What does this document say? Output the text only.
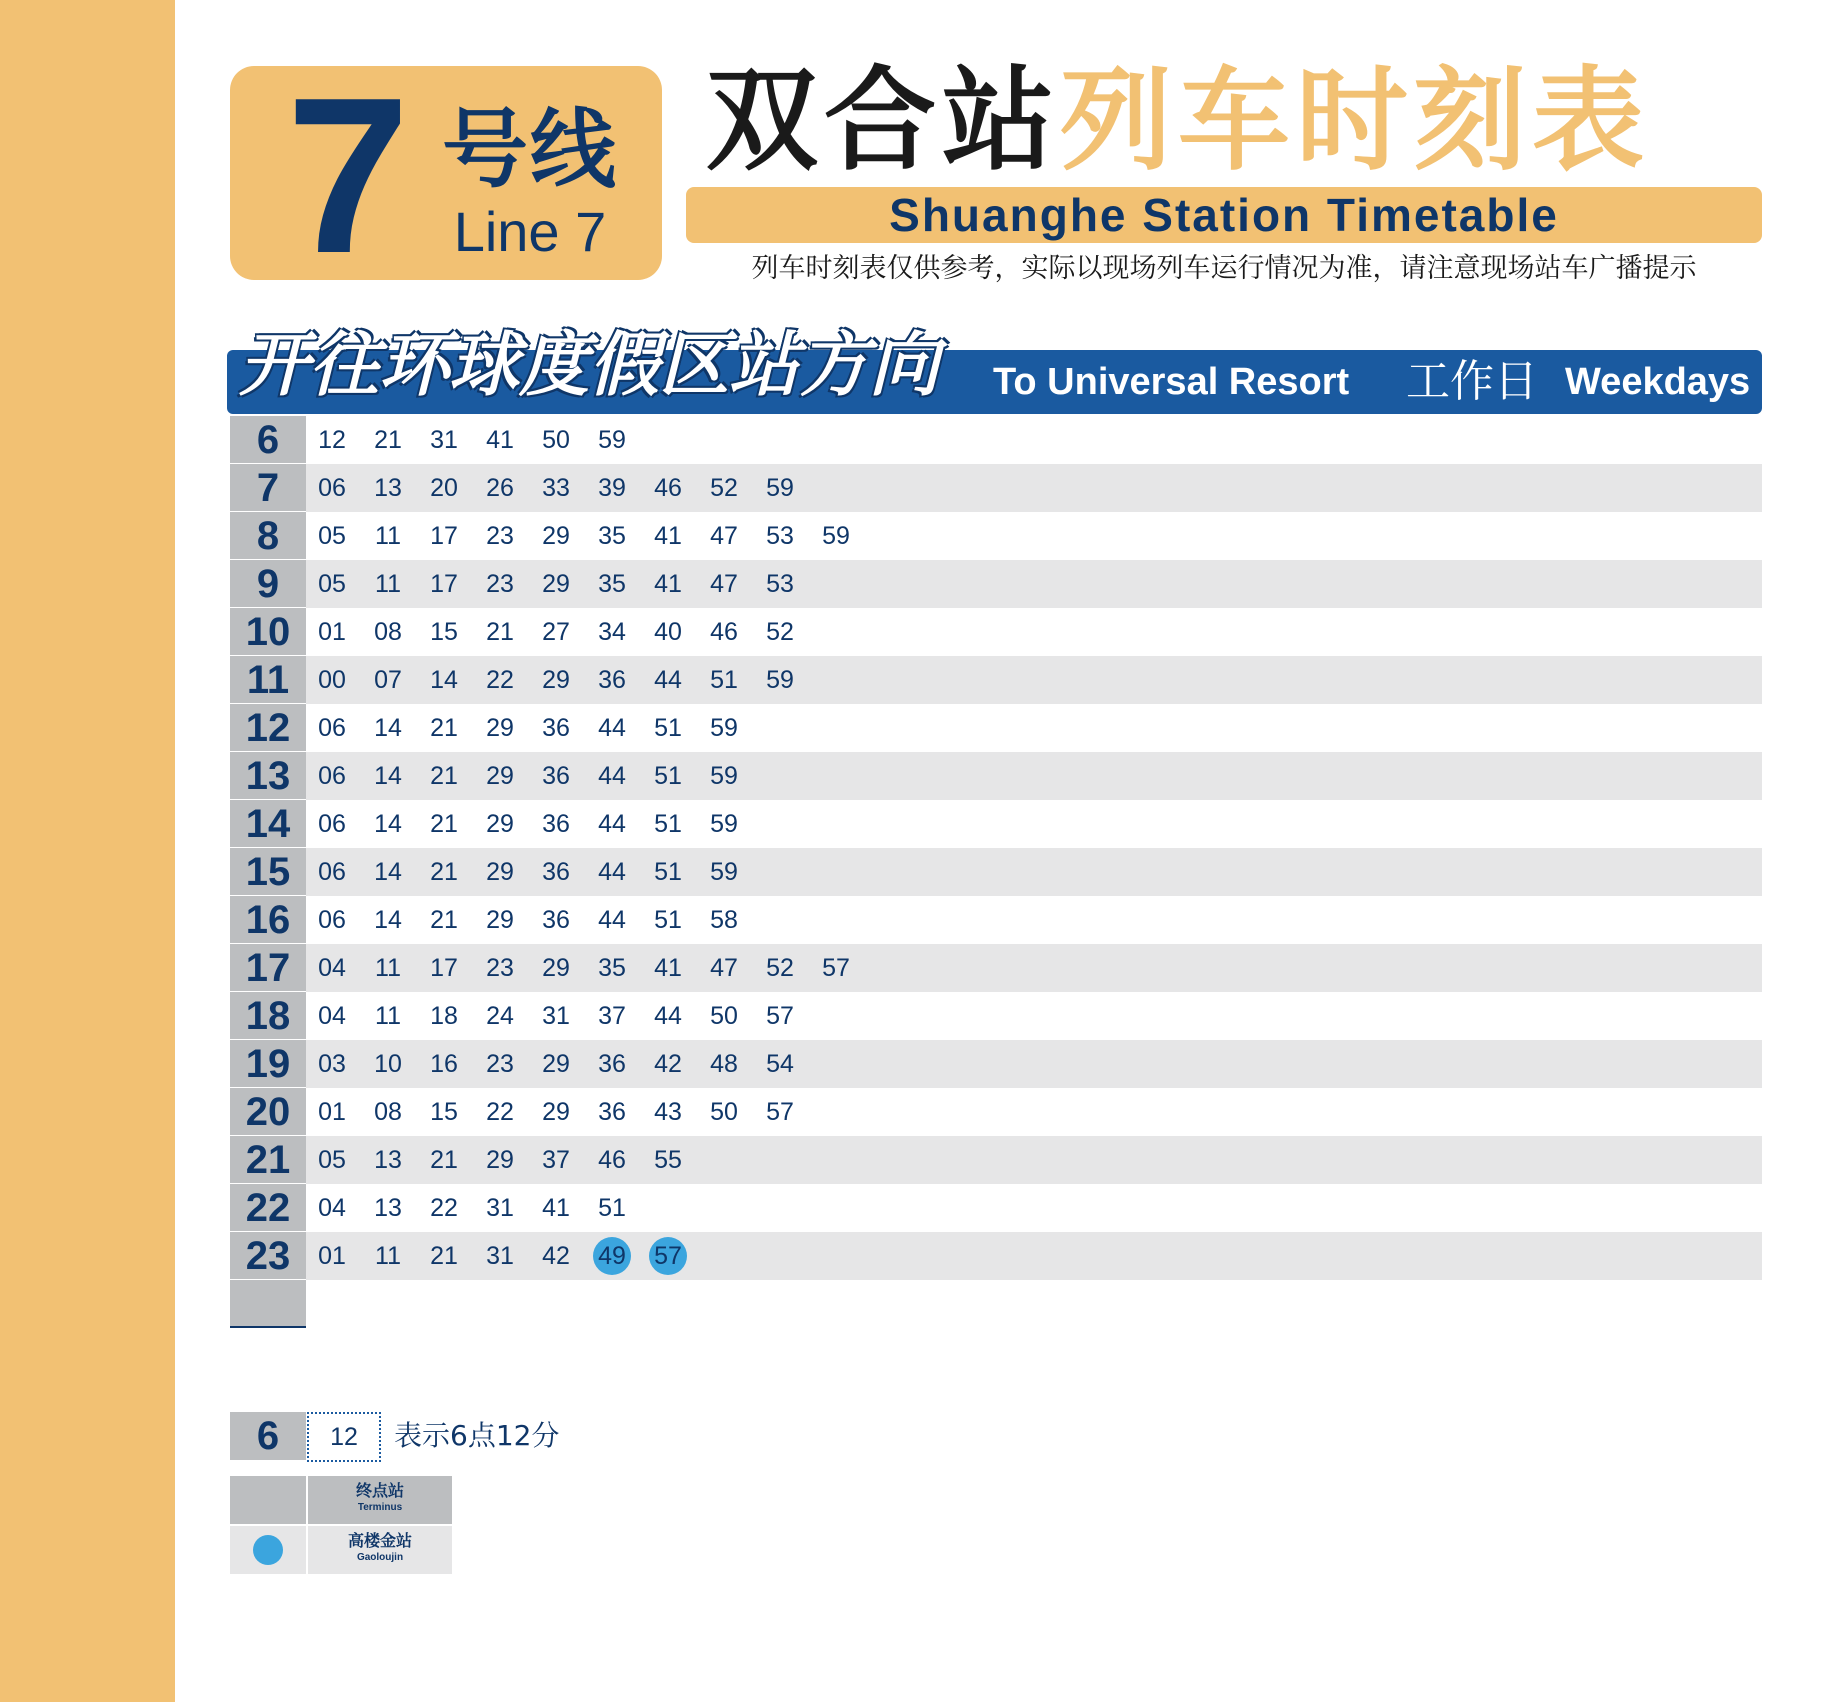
7 号线
Line 7
双合站列车时刻表
Shuanghe Station Timetable
列车时刻表仅供参考，实际以现场列车运行情况为准，请注意现场站车广播提示
开往环球度假区站方向 To Universal Resort 工作日 Weekdays
6	12 21 31 41 50 59
7	06 13 20 26 33 39 46 52 59
8	05 11 17 23 29 35 41 47 53 59
9	05 11 17 23 29 35 41 47 53
10	01 08 15 21 27 34 40 46 52
11	00 07 14 22 29 36 44 51 59
12	06 14 21 29 36 44 51 59
13	06 14 21 29 36 44 51 59
14	06 14 21 29 36 44 51 59
15	06 14 21 29 36 44 51 59
16	06 14 21 29 36 44 51 58
17	04 11 17 23 29 35 41 47 52 57
18	04 11 18 24 31 37 44 50 57
19	03 10 16 23 29 36 42 48 54
20	01 08 15 22 29 36 43 50 57
21	05 13 21 29 37 46 55
22	04 13 22 31 41 51
23	01 11 21 31 42 49 57
6	12	表示6点12分
终点站
Terminus
高楼金站
Gaoloujin
